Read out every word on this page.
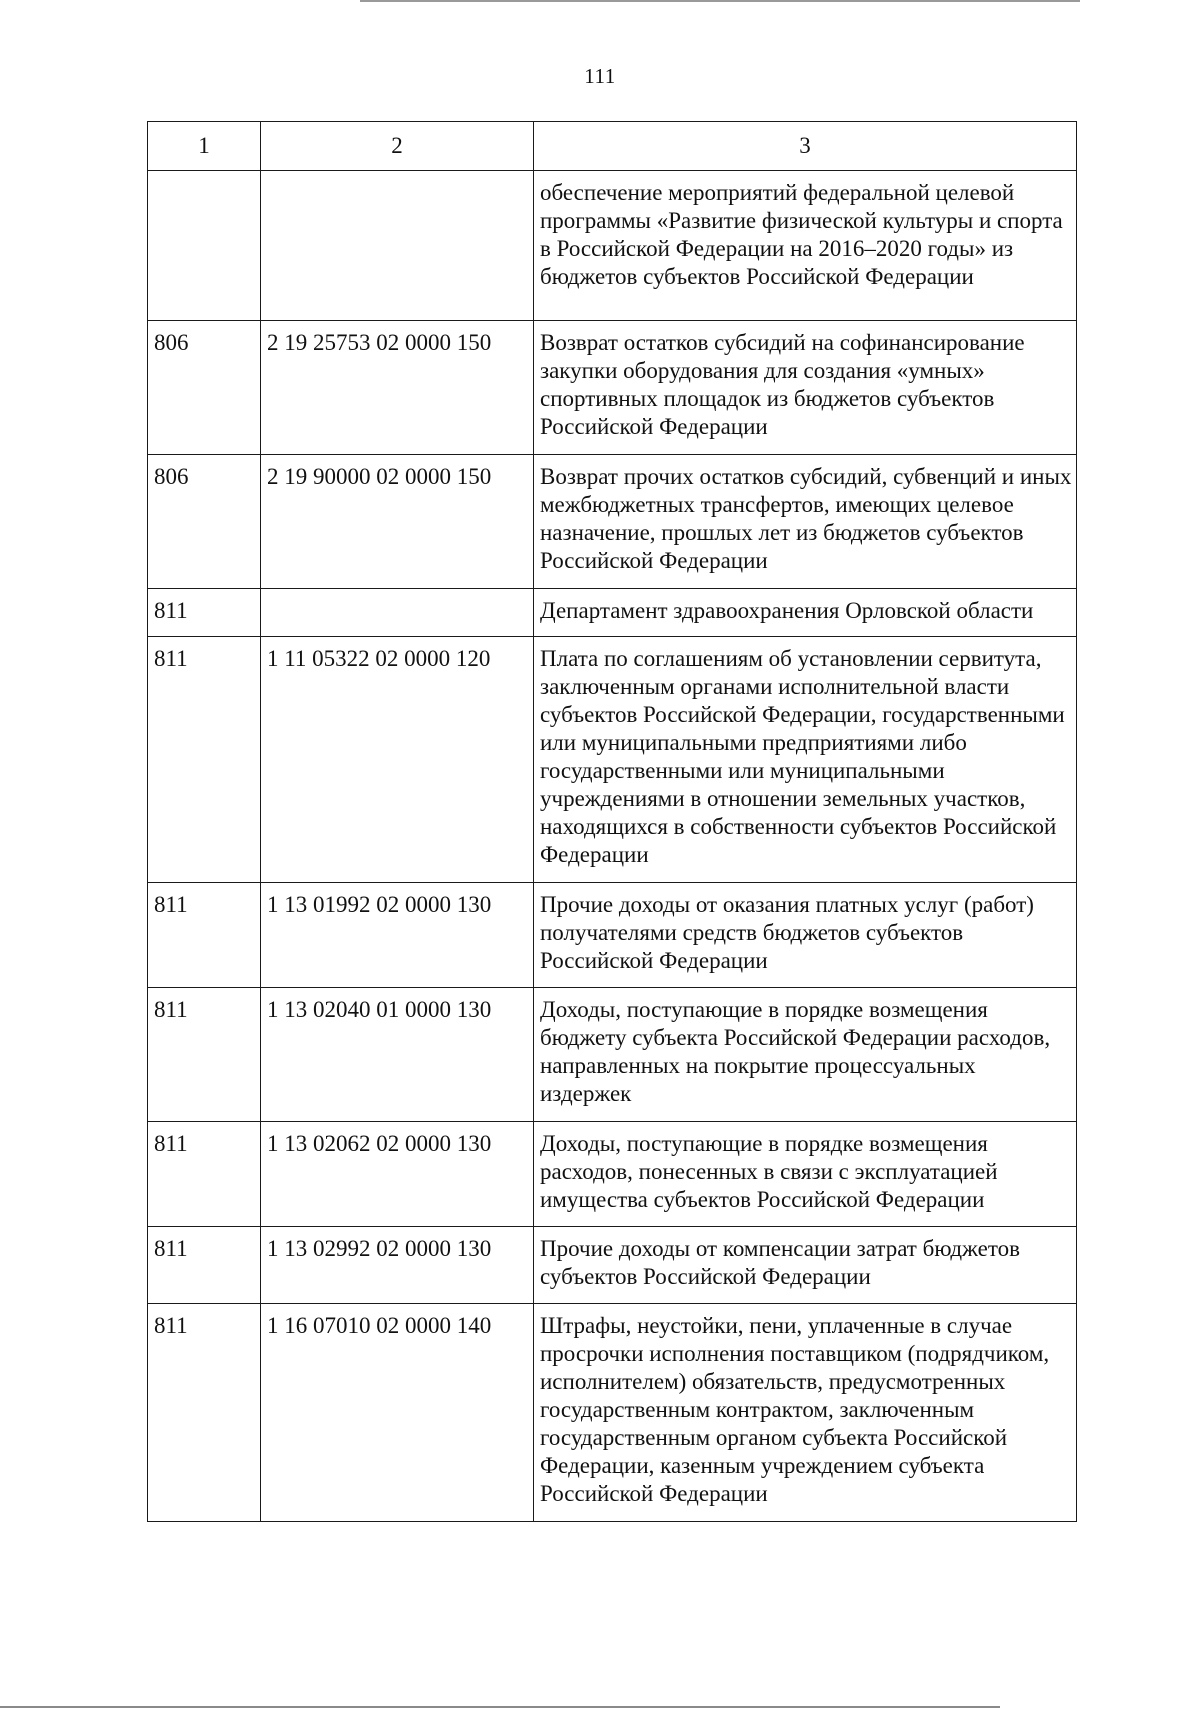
111
1	2	3
		обеспечение мероприятий федеральной целевой программы «Развитие физической культуры и спорта в Российской Федерации на 2016–2020 годы» из бюджетов субъектов Российской Федерации
806	2 19 25753 02 0000 150	Возврат остатков субсидий на софинансирование закупки оборудования для создания «умных» спортивных площадок из бюджетов субъектов Российской Федерации
806	2 19 90000 02 0000 150	Возврат прочих остатков субсидий, субвенций и иных межбюджетных трансфертов, имеющих целевое назначение, прошлых лет из бюджетов субъектов Российской Федерации
811		Департамент здравоохранения Орловской области
811	1 11 05322 02 0000 120	Плата по соглашениям об установлении сервитута, заключенным органами исполнительной власти субъектов Российской Федерации, государственными или муниципальными предприятиями либо государственными или муниципальными учреждениями в отношении земельных участков, находящихся в собственности субъектов Российской Федерации
811	1 13 01992 02 0000 130	Прочие доходы от оказания платных услуг (работ) получателями средств бюджетов субъектов Российской Федерации
811	1 13 02040 01 0000 130	Доходы, поступающие в порядке возмещения бюджету субъекта Российской Федерации расходов, направленных на покрытие процессуальных издержек
811	1 13 02062 02 0000 130	Доходы, поступающие в порядке возмещения расходов, понесенных в связи с эксплуатацией имущества субъектов Российской Федерации
811	1 13 02992 02 0000 130	Прочие доходы от компенсации затрат бюджетов субъектов Российской Федерации
811	1 16 07010 02 0000 140	Штрафы, неустойки, пени, уплаченные в случае просрочки исполнения поставщиком (подрядчиком, исполнителем) обязательств, предусмотренных государственным контрактом, заключенным государственным органом субъекта Российской Федерации, казенным учреждением субъекта Российской Федерации
